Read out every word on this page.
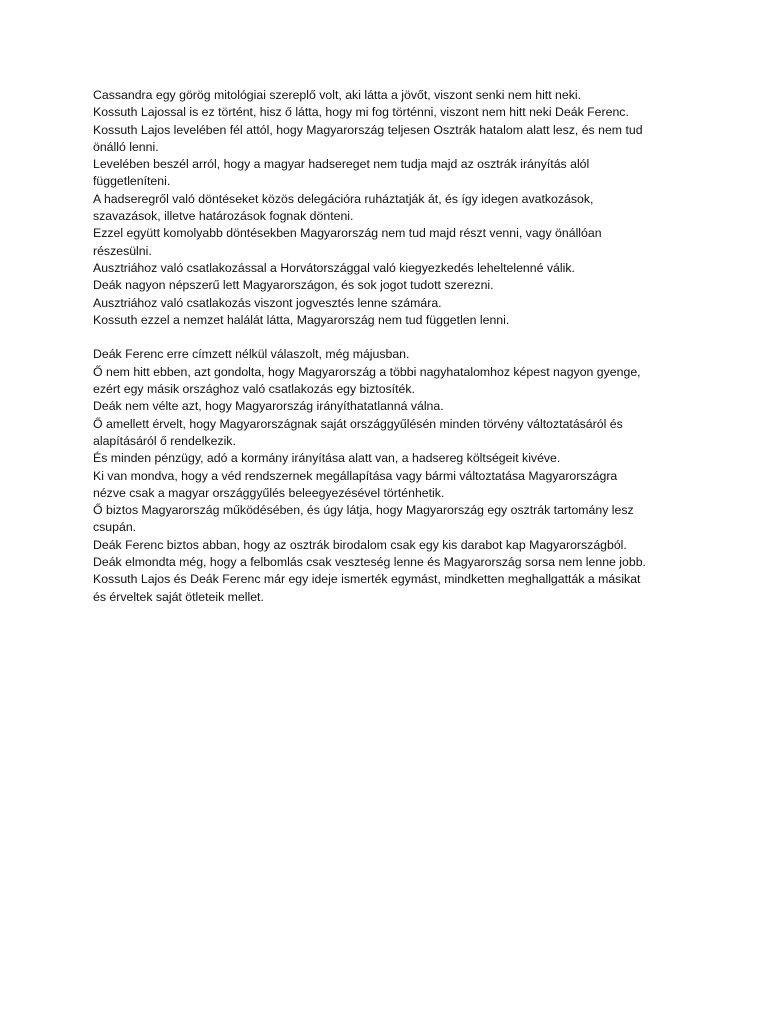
Cassandra egy görög mitológiai szereplő volt, aki látta a jövőt, viszont senki nem hitt neki.
Kossuth Lajossal is ez történt, hisz ő látta, hogy mi fog történni, viszont nem hitt neki Deák Ferenc.
Kossuth Lajos levelében fél attól, hogy Magyarország teljesen Osztrák hatalom alatt lesz, és nem tud
önálló lenni.
Levelében beszél arról, hogy a magyar hadsereget nem tudja majd az osztrák irányítás alól
függetleníteni.
A hadseregről való döntéseket közös delegációra ruháztatják át, és így idegen avatkozások,
szavazások, illetve határozások fognak dönteni.
Ezzel együtt komolyabb döntésekben Magyarország nem tud majd részt venni, vagy önállóan
részesülni.
Ausztriához való csatlakozással a Horvátországgal való kiegyezkedés leheltelenné válik.
Deák nagyon népszerű lett Magyarországon, és sok jogot tudott szerezni.
Ausztriához való csatlakozás viszont jogvesztés lenne számára.
Kossuth ezzel a nemzet halálát látta, Magyarország nem tud független lenni.

Deák Ferenc erre címzett nélkül válaszolt, még májusban.
Ő nem hitt ebben, azt gondolta, hogy Magyarország a többi nagyhatalomhoz képest nagyon gyenge,
ezért egy másik országhoz való csatlakozás egy biztosíték.
Deák nem vélte azt, hogy Magyarország irányíthatatlanná válna.
Ő amellett érvelt, hogy Magyarországnak saját országgyűlésén minden törvény változtatásáról és
alapításáról ő rendelkezik.
És minden pénzügy, adó a kormány irányítása alatt van, a hadsereg költségeit kivéve.
Ki van mondva, hogy a véd rendszernek megállapítása vagy bármi változtatása Magyarországra
nézve csak a magyar országgyűlés beleegyezésével történhetik.
Ő biztos Magyarország működésében, és úgy látja, hogy Magyarország egy osztrák tartomány lesz
csupán.
Deák Ferenc biztos abban, hogy az osztrák birodalom csak egy kis darabot kap Magyarországból.
Deák elmondta még, hogy a felbomlás csak veszteség lenne és Magyarország sorsa nem lenne jobb.
Kossuth Lajos és Deák Ferenc már egy ideje ismerték egymást, mindketten meghallgatták a másikat
és érveltek saját ötleteik mellet.
